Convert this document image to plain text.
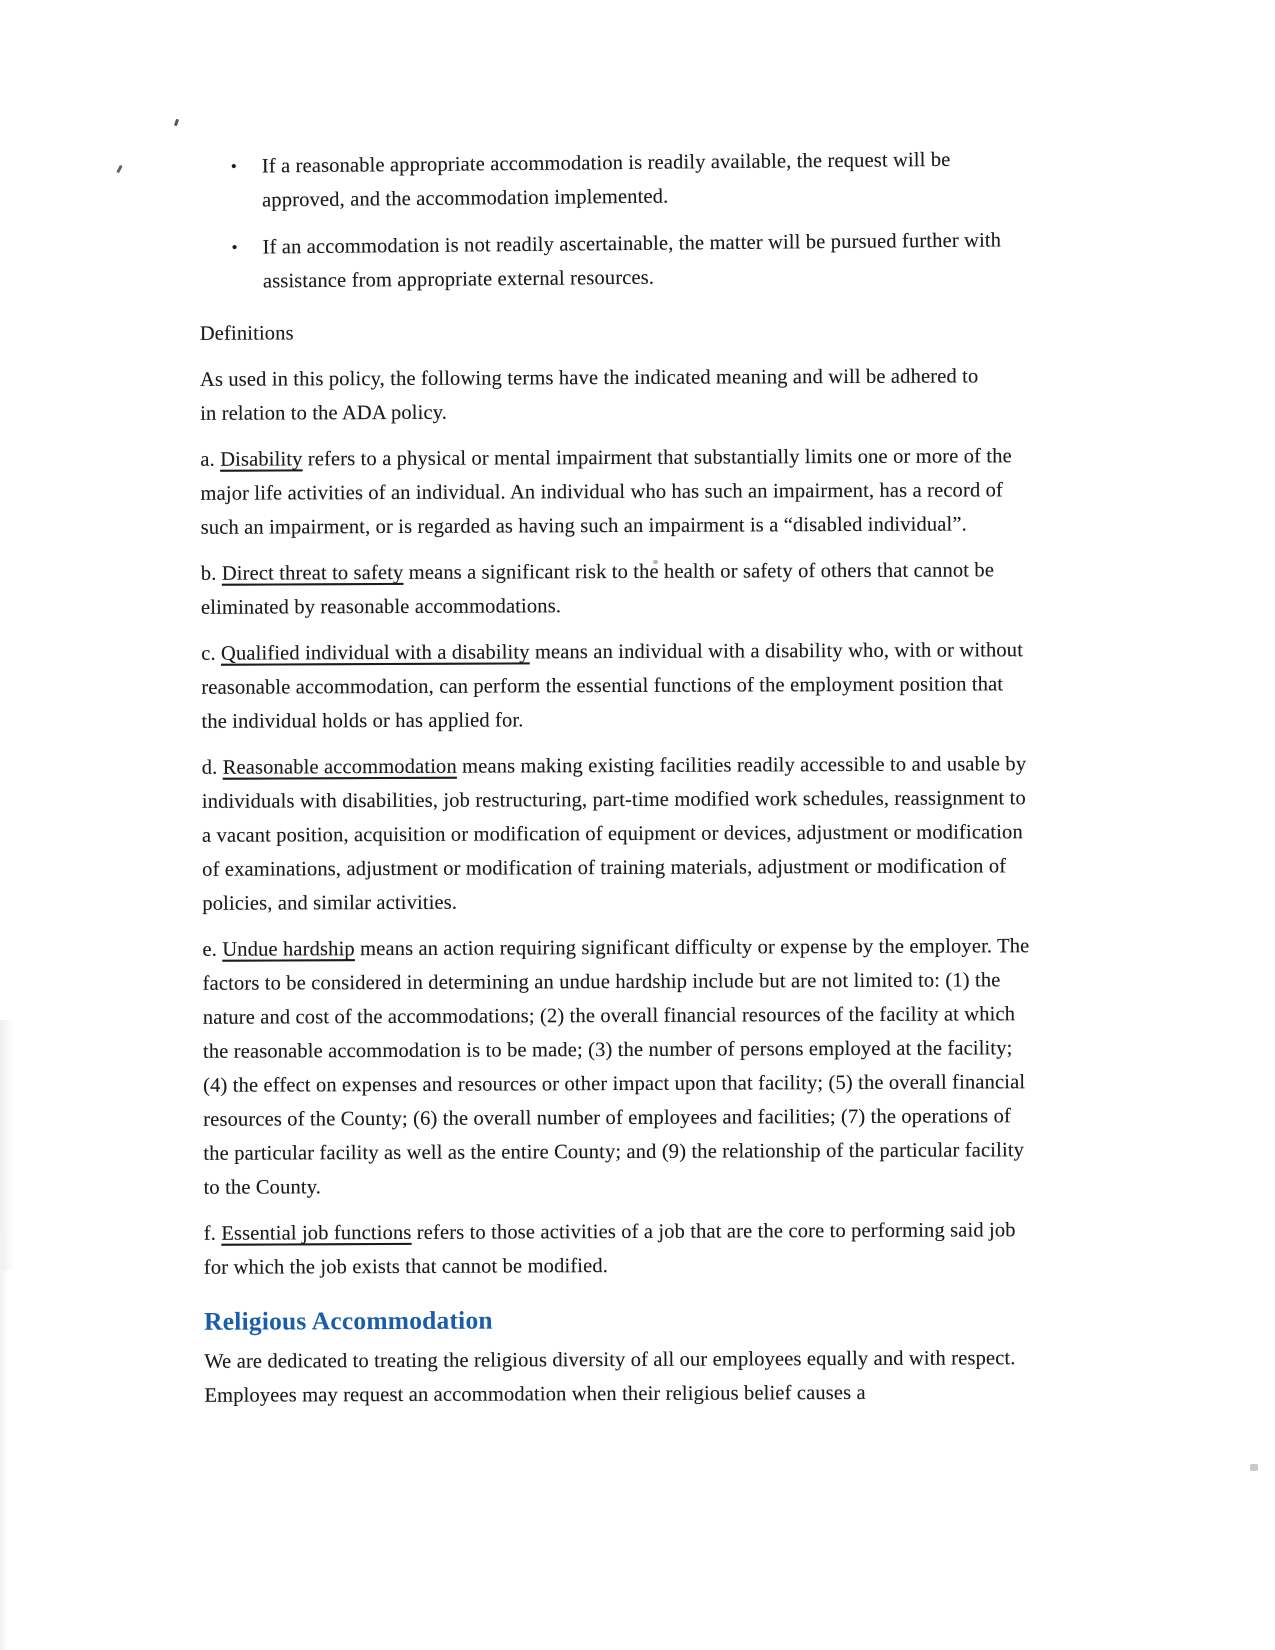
•	If a reasonable appropriate accommodation is readily available, the request will be approved, and the accommodation implemented.
•	If an accommodation is not readily ascertainable, the matter will be pursued further with assistance from appropriate external resources.
Definitions

As used in this policy, the following terms have the indicated meaning and will be adhered to in relation to the ADA policy.

a. Disability refers to a physical or mental impairment that substantially limits one or more of the major life activities of an individual. An individual who has such an impairment, has a record of such an impairment, or is regarded as having such an impairment is a “disabled individual”.

b. Direct threat to safety means a significant risk to the health or safety of others that cannot be eliminated by reasonable accommodations.

c. Qualified individual with a disability means an individual with a disability who, with or without reasonable accommodation, can perform the essential functions of the employment position that the individual holds or has applied for.

d. Reasonable accommodation means making existing facilities readily accessible to and usable by individuals with disabilities, job restructuring, part-time modified work schedules, reassignment to a vacant position, acquisition or modification of equipment or devices, adjustment or modification of examinations, adjustment or modification of training materials, adjustment or modification of policies, and similar activities.

e. Undue hardship means an action requiring significant difficulty or expense by the employer. The factors to be considered in determining an undue hardship include but are not limited to: (1) the nature and cost of the accommodations; (2) the overall financial resources of the facility at which the reasonable accommodation is to be made; (3) the number of persons employed at the facility; (4) the effect on expenses and resources or other impact upon that facility; (5) the overall financial resources of the County; (6) the overall number of employees and facilities; (7) the operations of the particular facility as well as the entire County; and (9) the relationship of the particular facility to the County.

f. Essential job functions refers to those activities of a job that are the core to performing said job for which the job exists that cannot be modified.

Religious Accommodation

We are dedicated to treating the religious diversity of all our employees equally and with respect. Employees may request an accommodation when their religious belief causes a
